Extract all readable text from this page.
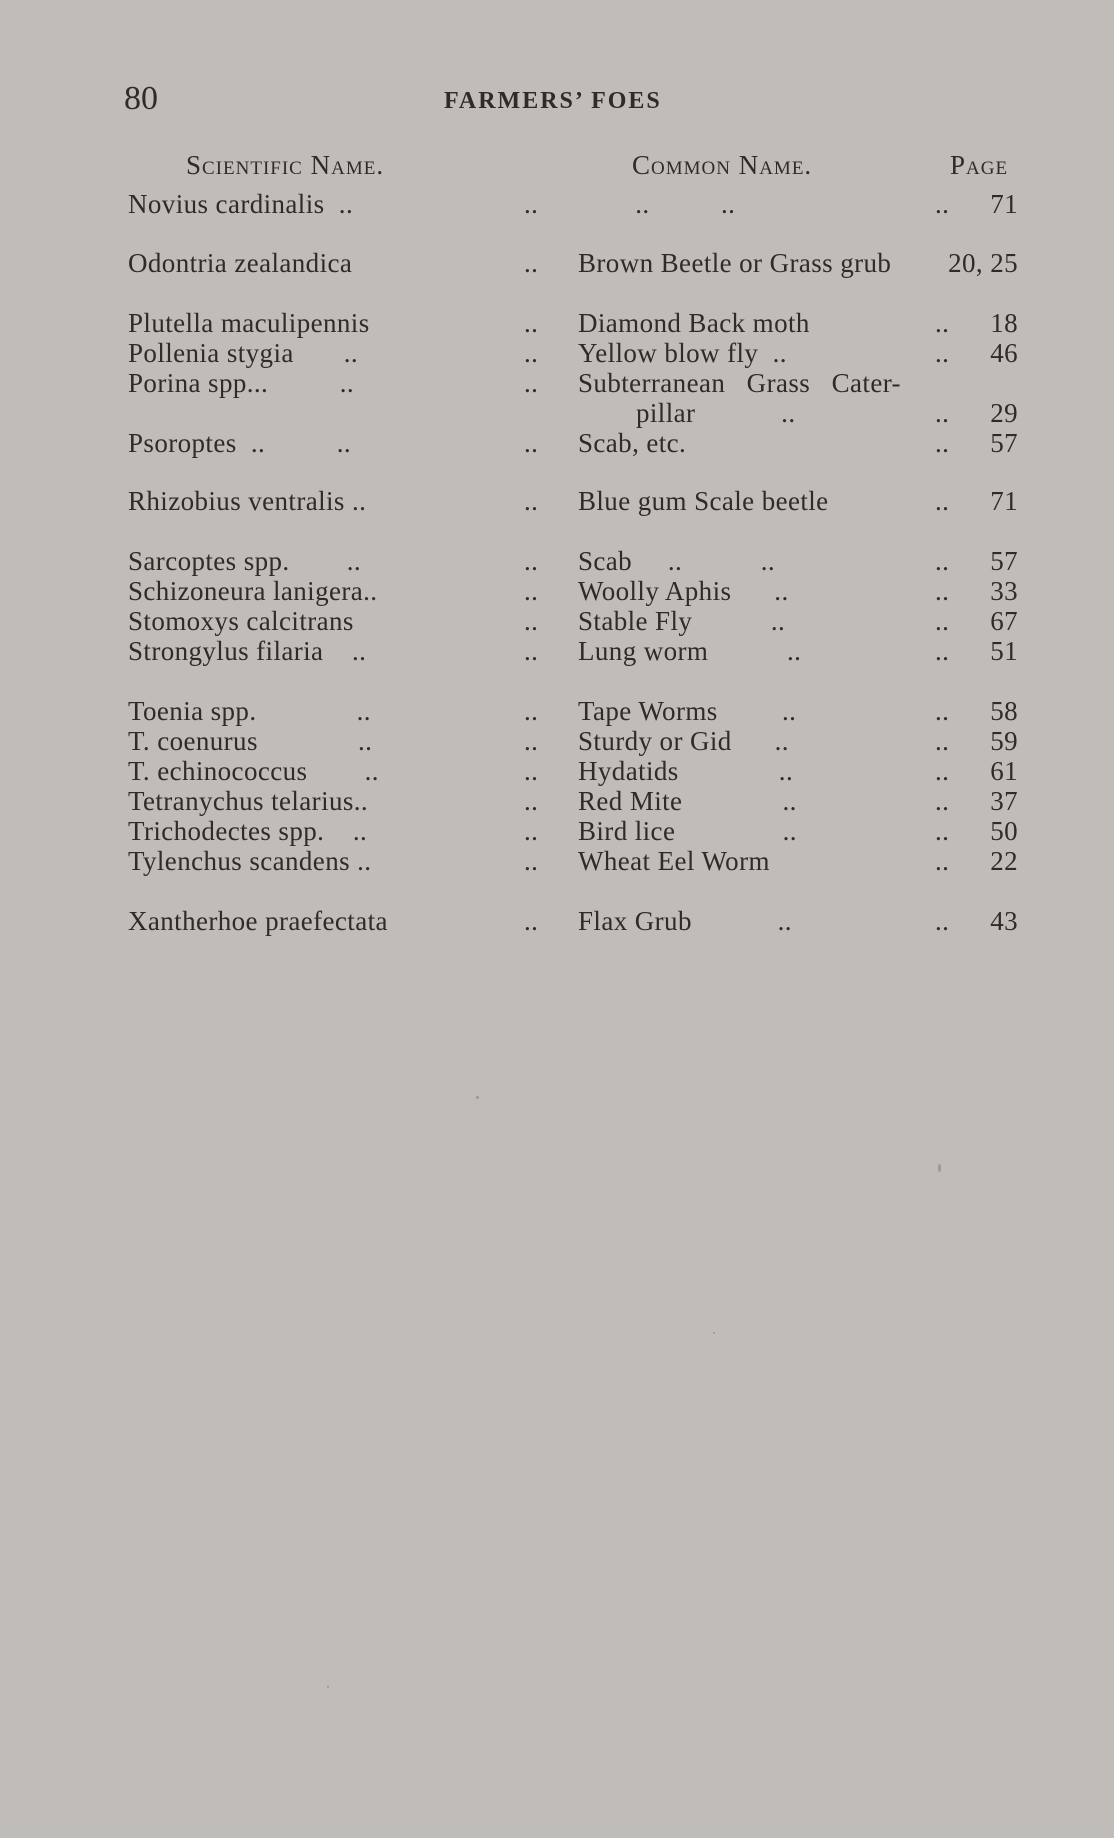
80	FARMERS’ FOES
Scientific Name.	Common Name.	Page
Novius cardinalis  ..	.. ..          ..	.. 71
Odontria zealandica	.. Brown Beetle or Grass grub 20, 25
Plutella maculipennis	.. Diamond Back moth	.. 18
Pollenia stygia       ..	.. Yellow blow fly  ..	.. 46
Porina spp...          ..	.. Subterranean   Grass   Cater-
pillar            ..	.. 29
Psoroptes  ..          ..	.. Scab, etc.	.. 57
Rhizobius ventralis ..	.. Blue gum Scale beetle	.. 71
Sarcoptes spp.        ..	.. Scab     ..           ..	.. 57
Schizoneura lanigera..	.. Woolly Aphis      ..	.. 33
Stomoxys calcitrans	.. Stable Fly           ..	.. 67
Strongylus filaria    ..	.. Lung worm           ..	.. 51
Toenia spp.              ..	.. Tape Worms         ..	.. 58
T. coenurus              ..	.. Sturdy or Gid      ..	.. 59
T. echinococcus        ..	.. Hydatids              ..	.. 61
Tetranychus telarius..	.. Red Mite              ..	.. 37
Trichodectes spp.    ..	.. Bird lice               ..	.. 50
Tylenchus scandens ..	.. Wheat Eel Worm	.. 22
Xantherhoe praefectata	.. Flax Grub            ..	.. 43
